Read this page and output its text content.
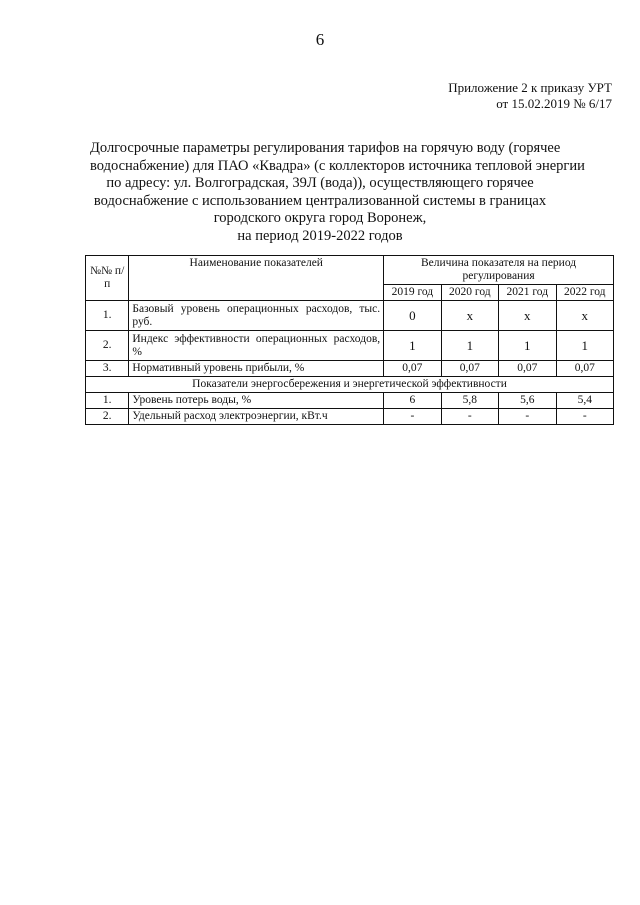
6
Приложение 2 к приказу УРТ
от 15.02.2019 № 6/17
Долгосрочные параметры регулирования тарифов на горячую воду (горячее
водоснабжение) для ПАО «Квадра» (с коллекторов источника тепловой энергии
по адресу: ул. Волгоградская, 39Л (вода)), осуществляющего горячее
водоснабжение с использованием централизованной системы в границах
городского округа город Воронеж,
на период 2019-2022 годов
№№ п/п	Наименование показателей	Величина показателя на период регулирования			
		2019 год	2020 год	2021 год	2022 год
1.	Базовый уровень операционных расходов, тыс. руб.	0	х	х	х
2.	Индекс эффективности операционных расходов, %	1	1	1	1
3.	Нормативный уровень прибыли, %	0,07	0,07	0,07	0,07
Показатели энергосбережения и энергетической эффективности					
1.	Уровень потерь воды, %	6	5,8	5,6	5,4
2.	Удельный расход электроэнергии, кВт.ч	-	-	-	-
